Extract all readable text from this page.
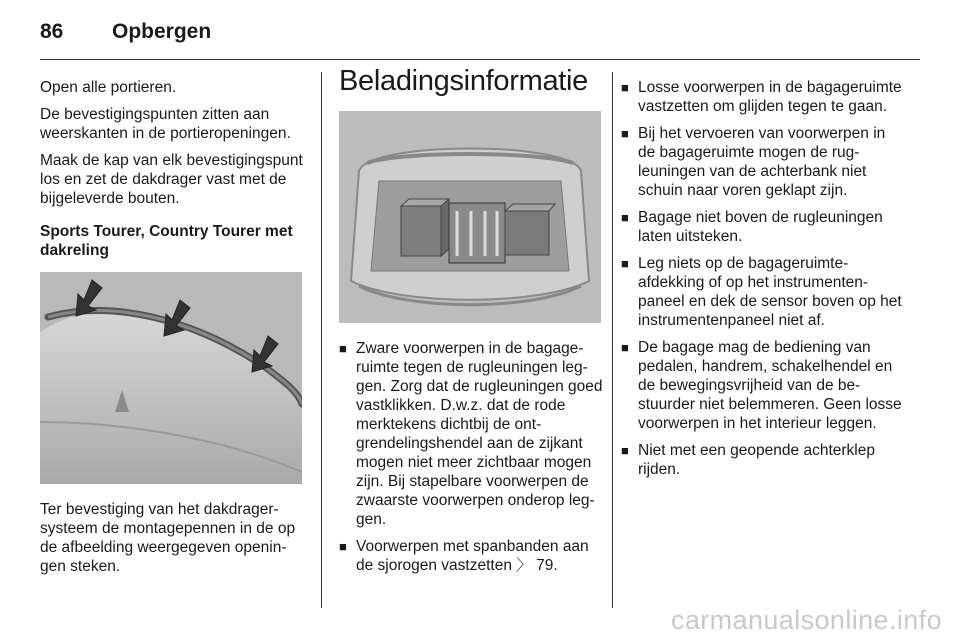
86 Opbergen

Open alle portieren.

De bevestigingspunten zitten aan weerskanten in de portieropeningen.

Maak de kap van elk bevestigingspunt los en zet de dakdrager vast met de bijgeleverde bouten.

Sports Tourer, Country Tourer met dakreling

Ter bevestiging van het dakdragersysteem de montagepennen in de op de afbeelding weergegeven openingen steken.

Beladingsinformatie
■ Zware voorwerpen in de bagageruimte tegen de rugleuningen leggen. Zorg dat de rugleuningen goed vastklikken. D.w.z. dat de rode merktekens dichtbij de ontgrendelingshendel aan de zijkant mogen niet meer zichtbaar mogen zijn. Bij stapelbare voorwerpen de zwaarste voorwerpen onderop leggen.
■ Voorwerpen met spanbanden aan de sjorogen vastzetten 〉 79.
■ Losse voorwerpen in de bagageruimte vastzetten om glijden tegen te gaan.
■ Bij het vervoeren van voorwerpen in de bagageruimte mogen de rugleuningen van de achterbank niet schuin naar voren geklapt zijn.
■ Bagage niet boven de rugleuningen laten uitsteken.
■ Leg niets op de bagageruimteafdekking of op het instrumentenpaneel en dek de sensor boven op het instrumentenpaneel niet af.
■ De bagage mag de bediening van pedalen, handrem, schakelhendel en de bewegingsvrijheid van de bestuurder niet belemmeren. Geen losse voorwerpen in het interieur leggen.
■ Niet met een geopende achterklep rijden.
carmanualsonline.info
